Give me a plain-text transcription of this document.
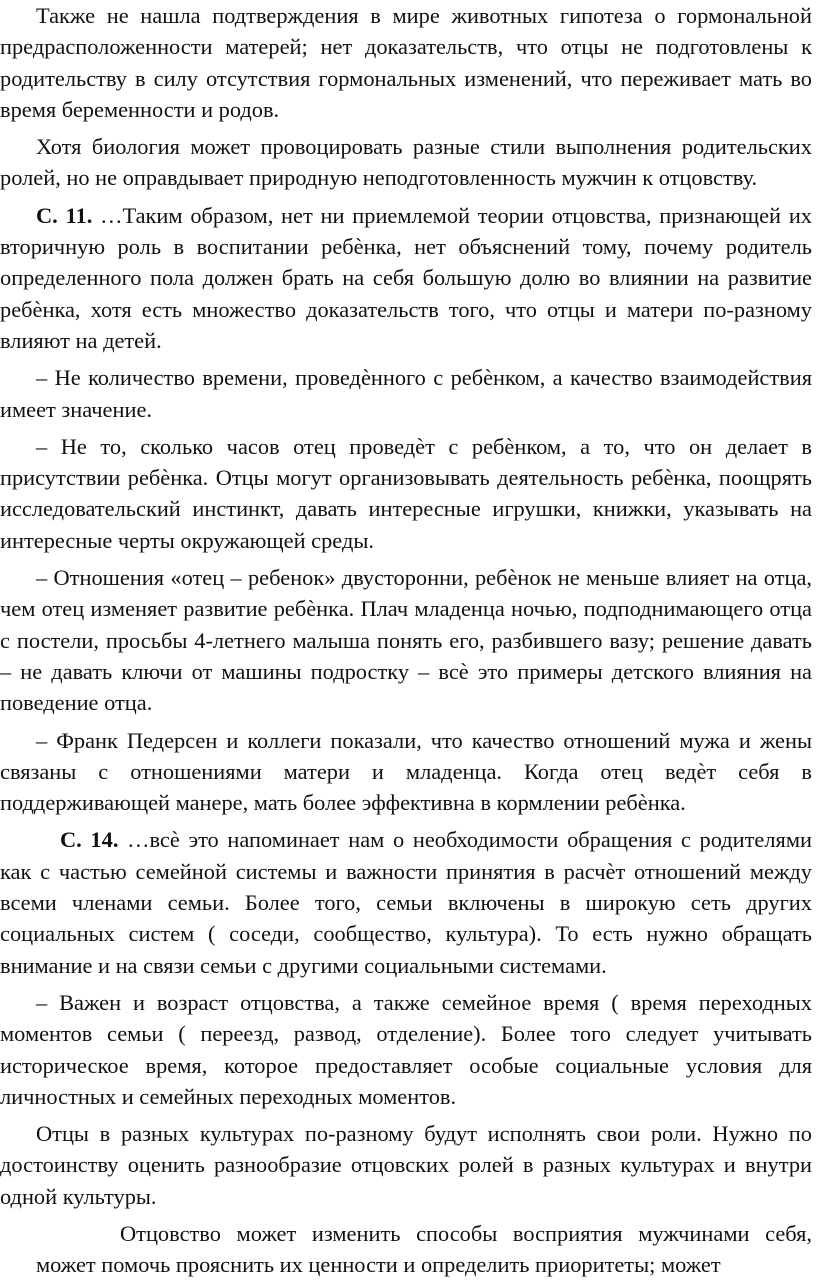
Также не нашла подтверждения в мире животных гипотеза о гормональной предрасположенности матерей; нет доказательств, что отцы не подготовлены к родительству в силу отсутствия гормональных изменений, что переживает мать во время беременности и родов.

Хотя биология может провоцировать разные стили выполнения родительских ролей, но не оправдывает природную неподготовленность мужчин к отцовству.

С. 11. …Таким образом, нет ни приемлемой теории отцовства, признающей их вторичную роль в воспитании ребѐнка, нет объяснений тому, почему родитель определенного пола должен брать на себя большую долю во влиянии на развитие ребѐнка, хотя есть множество доказательств того, что отцы и матери по-разному влияют на детей.

– Не количество времени, проведѐнного с ребѐнком, а качество взаимодействия имеет значение.

– Не то, сколько часов отец проведѐт с ребѐнком, а то, что он делает в присутствии ребѐнка. Отцы могут организовывать деятельность ребѐнка, поощрять исследовательский инстинкт, давать интересные игрушки, книжки, указывать на интересные черты окружающей среды.

– Отношения «отец – ребенок» двусторонни, ребѐнок не меньше влияет на отца, чем отец изменяет развитие ребѐнка. Плач младенца ночью, подподнимающего отца с постели, просьбы 4-летнего малыша понять его, разбившего вазу; решение давать – не давать ключи от машины подростку – всѐ это примеры детского влияния на поведение отца.

– Франк Педерсен и коллеги показали, что качество отношений мужа и жены связаны с отношениями матери и младенца. Когда отец ведѐт себя в поддерживающей манере, мать более эффективна в кормлении ребѐнка.

С. 14. …всѐ это напоминает нам о необходимости обращения с родителями как с частью семейной системы и важности принятия в расчѐт отношений между всеми членами семьи. Более того, семьи включены в широкую сеть других социальных систем ( соседи, сообщество, культура). То есть нужно обращать внимание и на связи семьи с другими социальными системами.

– Важен и возраст отцовства, а также семейное время ( время переходных моментов семьи ( переезд, развод, отделение). Более того следует учитывать историческое время, которое предоставляет особые социальные условия для личностных и семейных переходных моментов.

Отцы в разных культурах по-разному будут исполнять свои роли. Нужно по достоинству оценить разнообразие отцовских ролей в разных культурах и внутри одной культуры.

Отцовство может изменить способы восприятия мужчинами себя, может помочь прояснить их ценности и определить приоритеты; может
